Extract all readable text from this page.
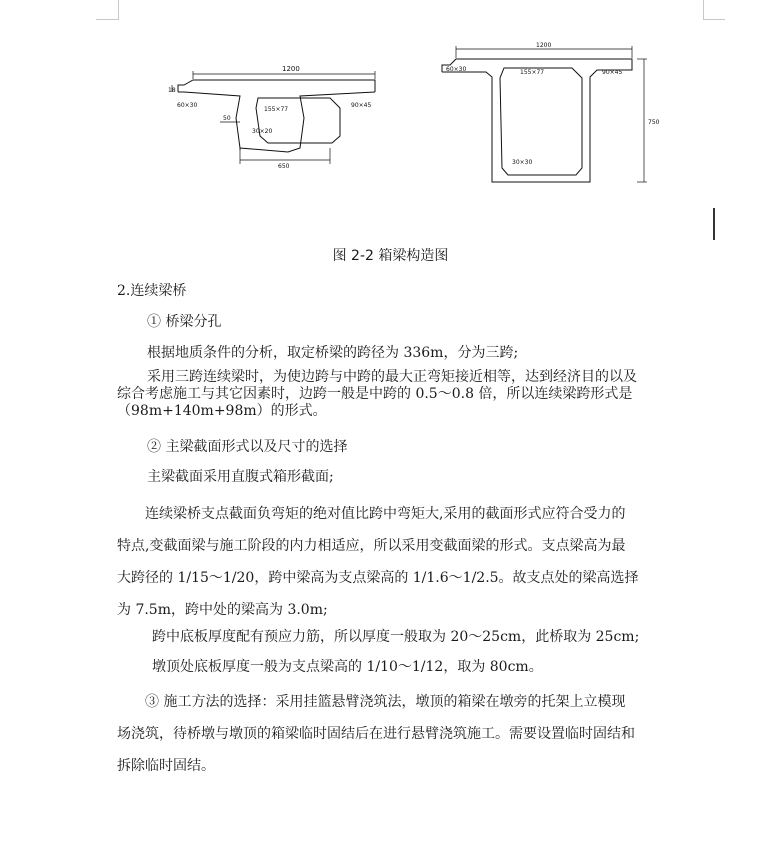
1200
650
50
60×30
155×77
90×45
30×20
18
1200
750
60×30	155×77	90×45
30×30
图 2-2 箱梁构造图

2.连续梁桥

① 桥梁分孔

根据地质条件的分析，取定桥梁的跨径为 336m，分为三跨;

采用三跨连续梁时，为使边跨与中跨的最大正弯矩接近相等，达到经济目的以及
综合考虑施工与其它因素时，边跨一般是中跨的 0.5～0.8 倍，所以连续梁跨形式是
（98m+140m+98m）的形式。

② 主梁截面形式以及尺寸的选择

主梁截面采用直腹式箱形截面;

连续梁桥支点截面负弯矩的绝对值比跨中弯矩大,采用的截面形式应符合受力的
特点,变截面梁与施工阶段的内力相适应，所以采用变截面梁的形式。支点梁高为最
大跨径的 1/15～1/20，跨中梁高为支点梁高的 1/1.6～1/2.5。故支点处的梁高选择
为 7.5m，跨中处的梁高为 3.0m;

跨中底板厚度配有预应力筋，所以厚度一般取为 20～25cm，此桥取为 25cm;

墩顶处底板厚度一般为支点梁高的 1/10～1/12，取为 80cm。

③ 施工方法的选择：采用挂篮悬臂浇筑法，墩顶的箱梁在墩旁的托架上立模现
场浇筑，待桥墩与墩顶的箱梁临时固结后在进行悬臂浇筑施工。需要设置临时固结和
拆除临时固结。
